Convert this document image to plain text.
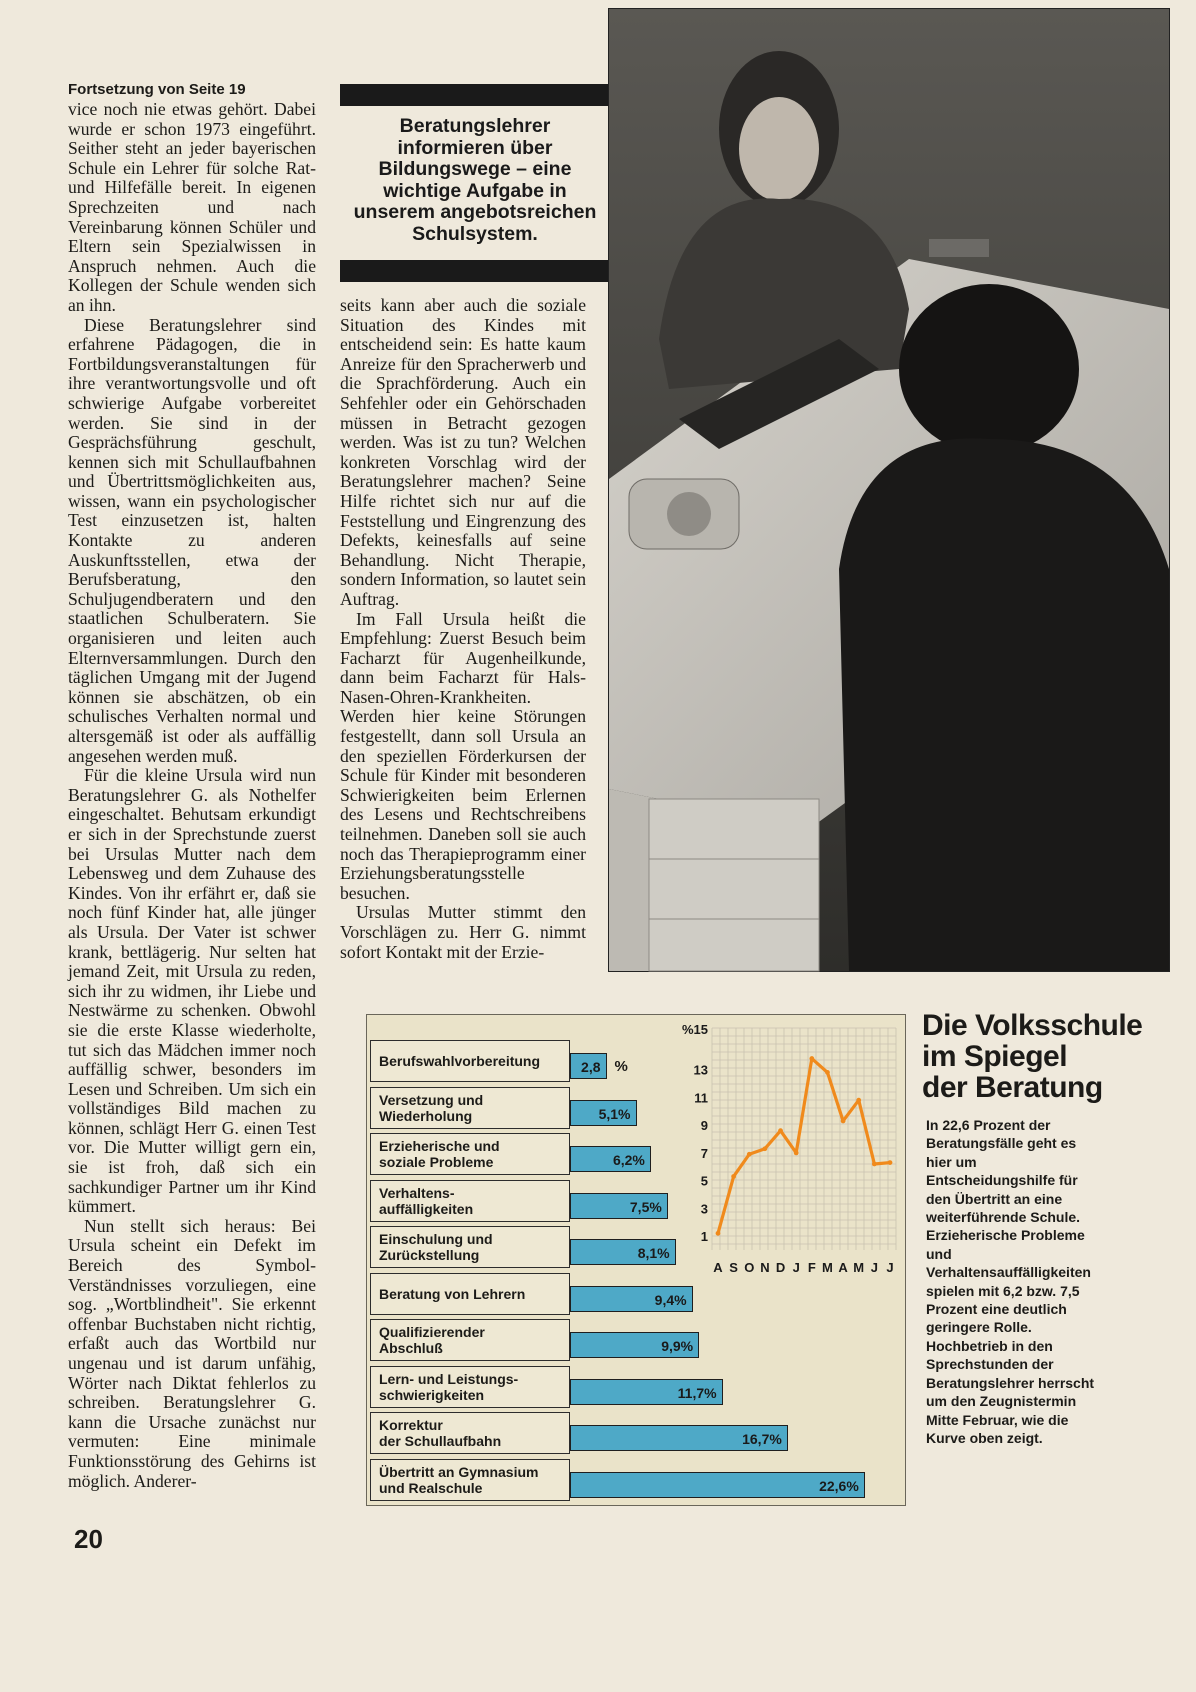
Fortsetzung von Seite 19

vice noch nie etwas gehört. Dabei wurde er schon 1973 eingeführt. Seither steht an jeder bayerischen Schule ein Lehrer für solche Rat- und Hilfefälle bereit. In eigenen Sprechzeiten und nach Vereinbarung können Schüler und Eltern sein Spezialwissen in Anspruch nehmen. Auch die Kollegen der Schule wenden sich an ihn.

Diese Beratungslehrer sind erfahrene Pädagogen, die in Fortbildungsveranstaltungen für ihre verantwortungsvolle und oft schwierige Aufgabe vorbereitet werden. Sie sind in der Gesprächsführung geschult, kennen sich mit Schullaufbahnen und Übertrittsmöglichkeiten aus, wissen, wann ein psychologischer Test einzusetzen ist, halten Kontakte zu anderen Auskunftsstellen, etwa der Berufsberatung, den Schuljugendberatern und den staatlichen Schulberatern. Sie organisieren und leiten auch Elternversammlungen. Durch den täglichen Umgang mit der Jugend können sie abschätzen, ob ein schulisches Verhalten normal und altersgemäß ist oder als auffällig angesehen werden muß.

Für die kleine Ursula wird nun Beratungslehrer G. als Nothelfer eingeschaltet. Behutsam erkundigt er sich in der Sprechstunde zuerst bei Ursulas Mutter nach dem Lebensweg und dem Zuhause des Kindes. Von ihr erfährt er, daß sie noch fünf Kinder hat, alle jünger als Ursula. Der Vater ist schwer krank, bettlägerig. Nur selten hat jemand Zeit, mit Ursula zu reden, sich ihr zu widmen, ihr Liebe und Nestwärme zu schenken. Obwohl sie die erste Klasse wiederholte, tut sich das Mädchen immer noch auffällig schwer, besonders im Lesen und Schreiben. Um sich ein vollständiges Bild machen zu können, schlägt Herr G. einen Test vor. Die Mutter willigt gern ein, sie ist froh, daß sich ein sachkundiger Partner um ihr Kind kümmert.

Nun stellt sich heraus: Bei Ursula scheint ein Defekt im Bereich des Symbol-Verständnisses vorzuliegen, eine sog. „Wortblindheit". Sie erkennt offenbar Buchstaben nicht richtig, erfaßt auch das Wortbild nur ungenau und ist darum unfähig, Wörter nach Diktat fehlerlos zu schreiben. Beratungslehrer G. kann die Ursache zunächst nur vermuten: Eine minimale Funktionsstörung des Gehirns ist möglich. Anderer-

Beratungslehrer informieren über Bildungswege – eine wichtige Aufgabe in unserem angebotsreichen Schulsystem.

seits kann aber auch die soziale Situation des Kindes mit entscheidend sein: Es hatte kaum Anreize für den Spracherwerb und die Sprachförderung. Auch ein Sehfehler oder ein Gehörschaden müssen in Betracht gezogen werden. Was ist zu tun? Welchen konkreten Vorschlag wird der Beratungslehrer machen? Seine Hilfe richtet sich nur auf die Feststellung und Eingrenzung des Defekts, keinesfalls auf seine Behandlung. Nicht Therapie, sondern Information, so lautet sein Auftrag.

Im Fall Ursula heißt die Empfehlung: Zuerst Besuch beim Facharzt für Augenheilkunde, dann beim Facharzt für Hals-Nasen-Ohren-Krankheiten. Werden hier keine Störungen festgestellt, dann soll Ursula an den speziellen Förderkursen der Schule für Kinder mit besonderen Schwierigkeiten beim Erlernen des Lesens und Rechtschreibens teilnehmen. Daneben soll sie auch noch das Therapieprogramm einer Erziehungsberatungsstelle besuchen.

Ursulas Mutter stimmt den Vorschlägen zu. Herr G. nimmt sofort Kontakt mit der Erzie-

20
Berufswahlvorbereitung	2,8 %
Versetzung und
Wiederholung	5,1%
Erzieherische und
soziale Probleme	6,2%
Verhaltens-
auffälligkeiten	7,5%
Einschulung und
Zurückstellung	8,1%
Beratung von Lehrern	9,4%
Qualifizierender
Abschluß	9,9%
Lern- und Leistungs-
schwierigkeiten	11,7%
Korrektur
der Schullaufbahn	16,7%
Übertritt an Gymnasium
und Realschule	22,6%
1
3
5
7
9
11
13
%15
A S O N D J F M A M J J
Die Volksschule
im Spiegel
der Beratung
In 22,6 Prozent der Beratungsfälle geht es hier um Entscheidungshilfe für den Übertritt an eine weiterführende Schule. Erzieherische Probleme und Verhaltensauffälligkeiten spielen mit 6,2 bzw. 7,5 Prozent eine deutlich geringere Rolle. Hochbetrieb in den Sprechstunden der Beratungslehrer herrscht um den Zeugnistermin Mitte Februar, wie die Kurve oben zeigt.
